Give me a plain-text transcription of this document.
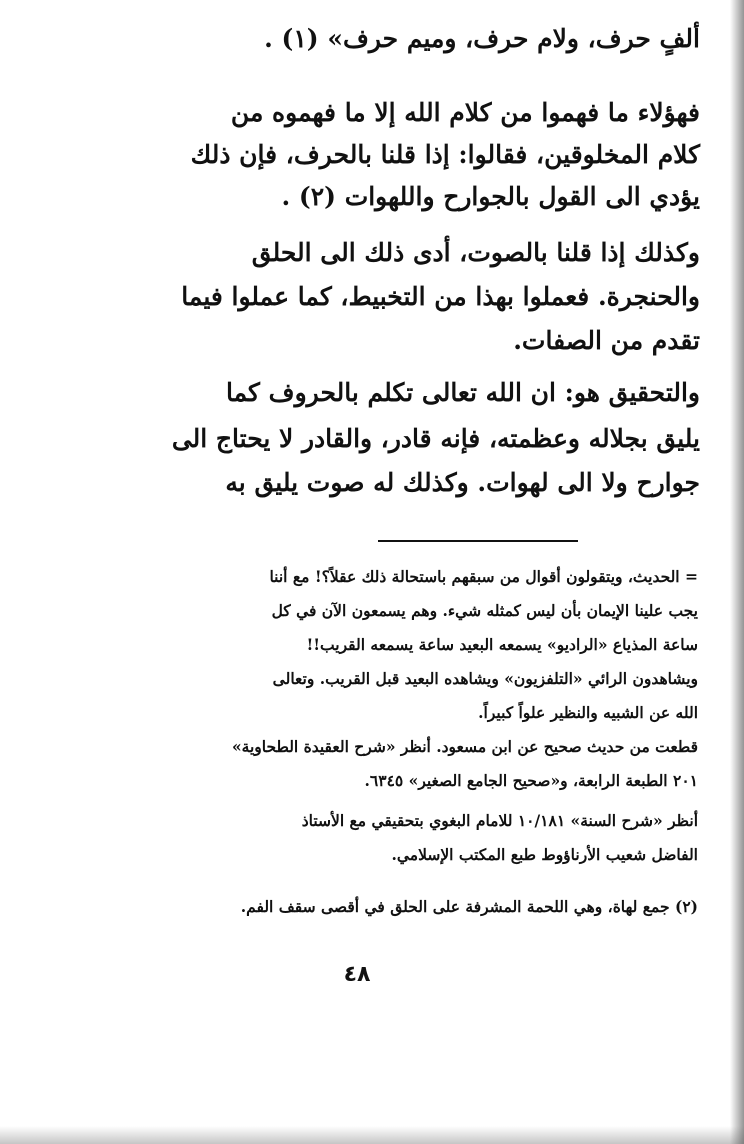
ألفٍ حرف، ولام حرف، وميم حرف» (١) .

فهؤلاء ما فهموا من كلام الله إلا ما فهموه من

كلام المخلوقين، فقالوا: إذا قلنا بالحرف، فإن ذلك

يؤدي الى القول بالجوارح واللهوات (٢) .

وكذلك إذا قلنا بالصوت، أدى ذلك الى الحلق

والحنجرة. فعملوا بهذا من التخبيط، كما عملوا فيما

تقدم من الصفات.

والتحقيق هو: ان الله تعالى تكلم بالحروف كما

يليق بجلاله وعظمته، فإنه قادر، والقادر لا يحتاج الى

جوارح ولا الى لهوات. وكذلك له صوت يليق به

= الحديث، ويتقولون أقوال من سبقهم باستحالة ذلك عقلاً؟! مع أننا

يجب علينا الإيمان بأن ليس كمثله شيء. وهم يسمعون الآن في كل

ساعة المذياع «الراديو» يسمعه البعيد ساعة يسمعه القريب!!

ويشاهدون الرائي «التلفزيون» ويشاهده البعيد قبل القريب. وتعالى

الله عن الشبيه والنظير علواً كبيراً.

قطعت من حديث صحيح عن ابن مسعود. أنظر «شرح العقيدة الطحاوية»

٢٠١ الطبعة الرابعة، و«صحيح الجامع الصغير» ٦٣٤٥.

أنظر «شرح السنة» ١٠/١٨١ للامام البغوي بتحقيقي مع الأستاذ

الفاضل شعيب الأرناؤوط طبع المكتب الإسلامي.

(٢) جمع لهاة، وهي اللحمة المشرفة على الحلق في أقصى سقف الفم.

٤٨
